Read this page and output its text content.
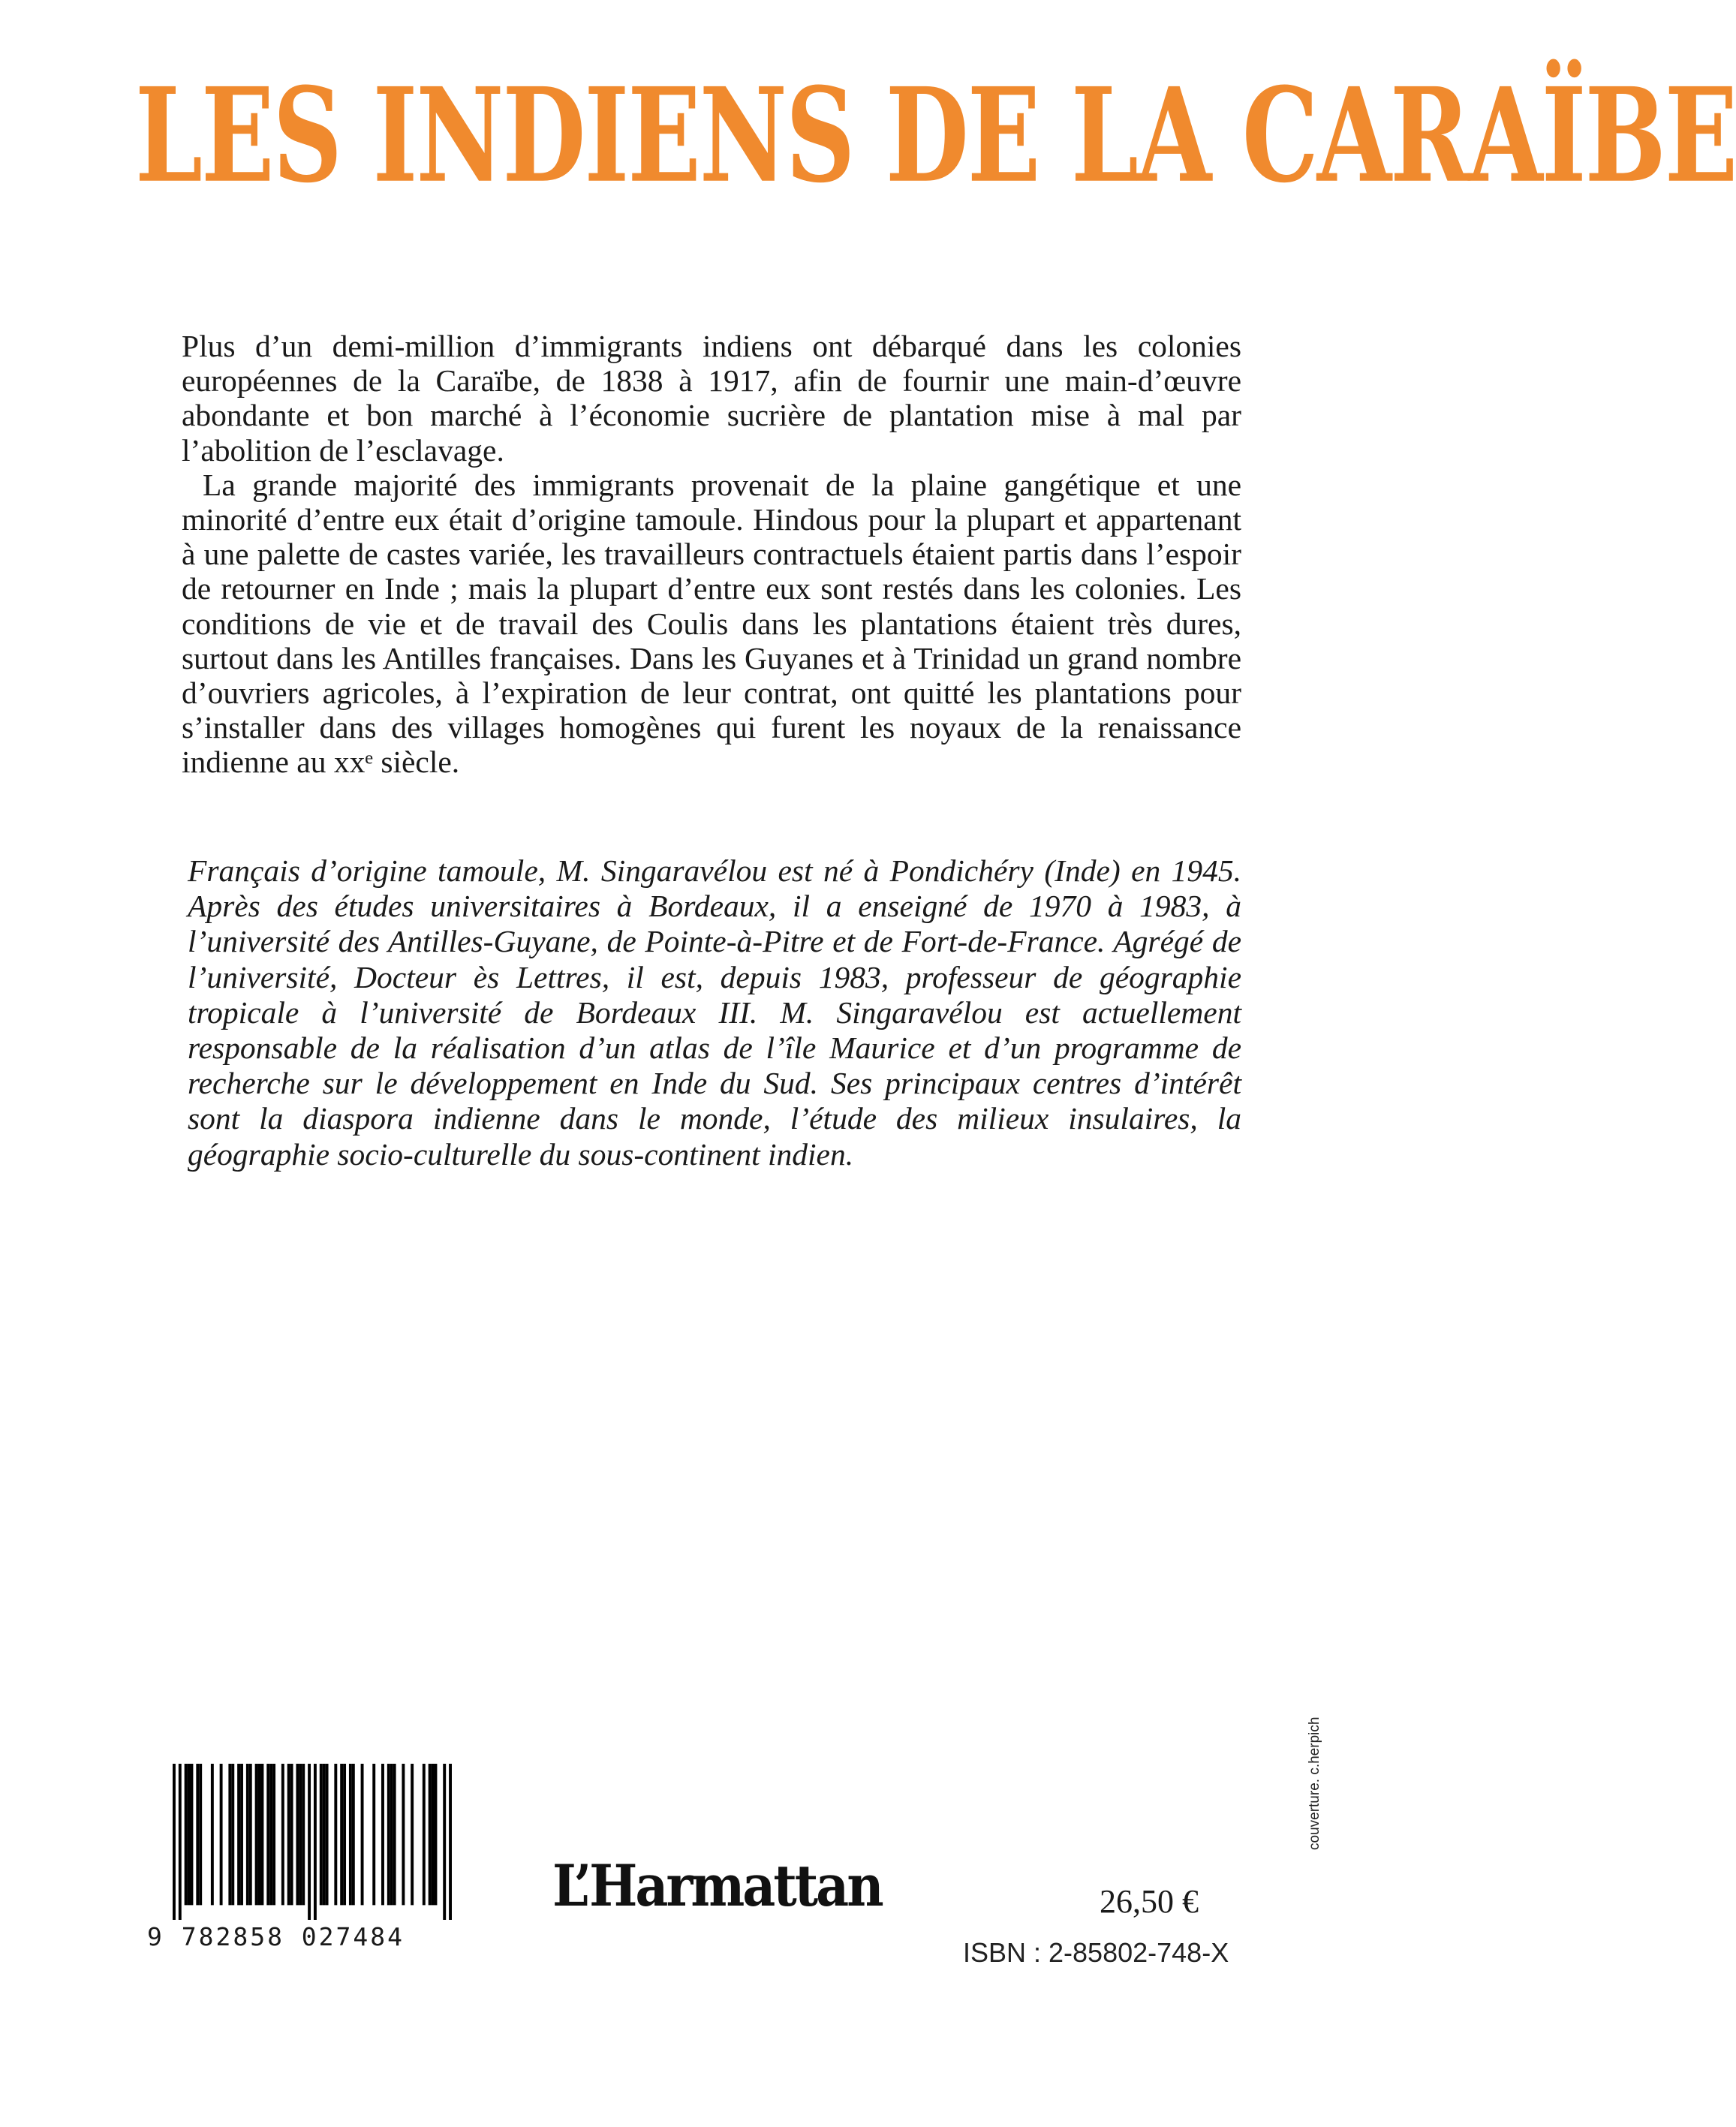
LES INDIENS DE LA CARAÏBE

Plus d’un demi-million d’immigrants indiens ont débarqué dans les colonies européennes de la Caraïbe, de 1838 à 1917, afin de fournir une main-d’œuvre abondante et bon marché à l’économie sucrière de plantation mise à mal par l’abolition de l’esclavage.

La grande majorité des immigrants provenait de la plaine gangétique et une minorité d’entre eux était d’origine tamoule. Hindous pour la plupart et appartenant à une palette de castes variée, les travailleurs contractuels étaient partis dans l’espoir de retourner en Inde ; mais la plupart d’entre eux sont restés dans les colonies. Les conditions de vie et de travail des Coulis dans les plantations étaient très dures, surtout dans les Antilles françaises. Dans les Guyanes et à Trinidad un grand nombre d’ouvriers agricoles, à l’expiration de leur contrat, ont quitté les plantations pour s’installer dans des villages homogènes qui furent les noyaux de la renaissance indienne au xxᵉ siècle.

Français d’origine tamoule, M. Singaravélou est né à Pondichéry (Inde) en 1945. Après des études universitaires à Bordeaux, il a enseigné de 1970 à 1983, à l’université des Antilles-Guyane, de Pointe-à-Pitre et de Fort-de-France. Agrégé de l’université, Docteur ès Lettres, il est, depuis 1983, professeur de géographie tropicale à l’université de Bordeaux III. M. Singaravélou est actuellement responsable de la réalisation d’un atlas de l’île Maurice et d’un programme de recherche sur le développement en Inde du Sud. Ses principaux centres d’intérêt sont la diaspora indienne dans le monde, l’étude des milieux insulaires, la géographie socio-culturelle du sous-continent indien.

9 782858 027484
L’Harmattan	26,50 €
ISBN : 2-85802-748-X
couverture. c.herpich
